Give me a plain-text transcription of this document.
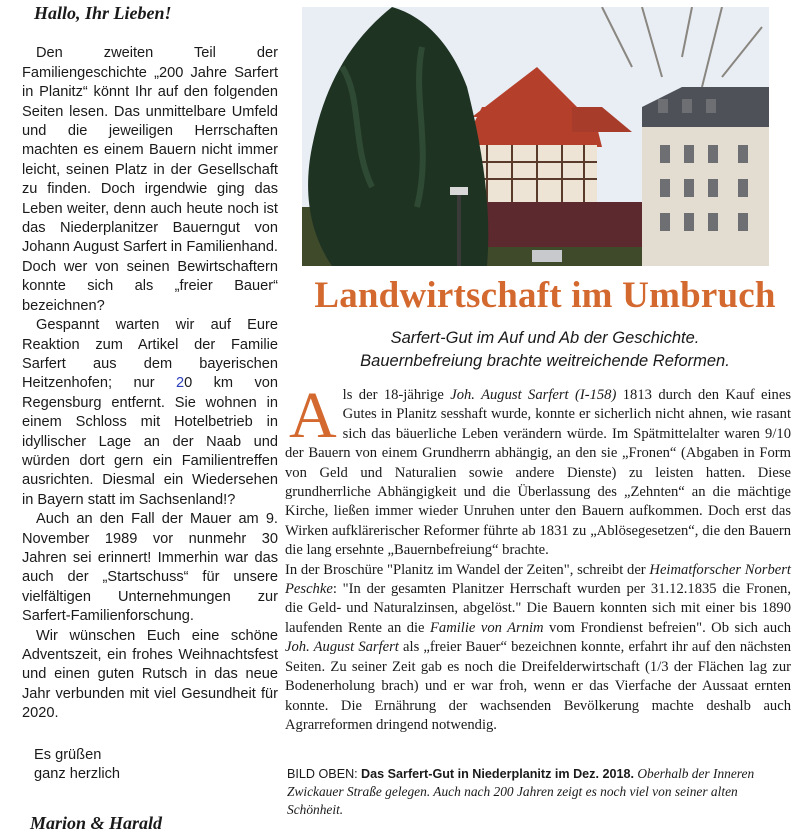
Hallo, Ihr Lieben!

Den zweiten Teil der Familiengeschichte „200 Jahre Sarfert in Planitz“ könnt Ihr auf den folgenden Seiten lesen. Das unmittelbare Umfeld und die jeweiligen Herrschaften machten es einem Bauern nicht immer leicht, seinen Platz in der Gesellschaft zu finden. Doch irgendwie ging das Leben weiter, denn auch heute noch ist das Niederplanitzer Bauerngut von Johann August Sarfert in Familienhand. Doch wer von seinen Bewirtschaftern konnte sich als „freier Bauer“ bezeichnen?

Gespannt warten wir auf Eure Reaktion zum Artikel der Familie Sarfert aus dem bayerischen Heitzenhofen; nur 20 km von Regensburg entfernt. Sie wohnen in einem Schloss mit Hotelbetrieb in idyllischer Lage an der Naab und würden dort gern ein Familientreffen ausrichten. Diesmal ein Wiedersehen in Bayern statt im Sachsenland!?

Auch an den Fall der Mauer am 9. November 1989 vor nunmehr 30 Jahren sei erinnert! Immerhin war das auch der „Startschuss“ für unsere vielfältigen Unternehmungen zur Sarfert-Familienforschung.

Wir wünschen Euch eine schöne Adventszeit, ein frohes Weihnachtsfest und einen guten Rutsch in das neue Jahr verbunden mit viel Gesundheit für 2020.

Es grüßen
ganz herzlich
Marion & Harald
Landwirtschaft im Umbruch
Sarfert-Gut im Auf und Ab der Geschichte.
Bauernbefreiung brachte weitreichende Reformen.

Als der 18-jährige Joh. August Sarfert (I-158) 1813 durch den Kauf eines Gutes in Planitz sesshaft wurde, konnte er sicherlich nicht ahnen, wie rasant sich das bäuerliche Leben verändern würde. Im Spätmittelalter waren 9/10 der Bauern von einem Grundherrn abhängig, an den sie „Fronen“ (Abgaben in Form von Geld und Naturalien sowie andere Dienste) zu leisten hatten. Diese grundherrliche Abhängigkeit und die Überlassung des „Zehnten“ an die mächtige Kirche, ließen immer wieder Unruhen unter den Bauern aufkommen. Doch erst das Wirken aufklärerischer Reformer führte ab 1831 zu „Ablösegesetzen“, die den Bauern die lang ersehnte „Bauernbefreiung“ brachte.

In der Broschüre "Planitz im Wandel der Zeiten", schreibt der Heimatforscher Norbert Peschke: "In der gesamten Planitzer Herrschaft wurden per 31.12.1835 die Fronen, die Geld- und Naturalzinsen, abgelöst." Die Bauern konnten sich mit einer bis 1890 laufenden Rente an die Familie von Arnim vom Frondienst befreien". Ob sich auch Joh. August Sarfert als „freier Bauer“ bezeichnen konnte, erfahrt ihr auf den nächsten Seiten. Zu seiner Zeit gab es noch die Dreifelderwirtschaft (1/3 der Flächen lag zur Bodenerholung brach) und er war froh, wenn er das Vierfache der Aussaat ernten konnte. Die Ernährung der wachsenden Bevölkerung machte deshalb auch Agrarreformen dringend notwendig.

BILD OBEN: Das Sarfert-Gut in Niederplanitz im Dez. 2018. Oberhalb der Inneren Zwickauer Straße gelegen. Auch nach 200 Jahren zeigt es noch viel von seiner alten Schönheit.
